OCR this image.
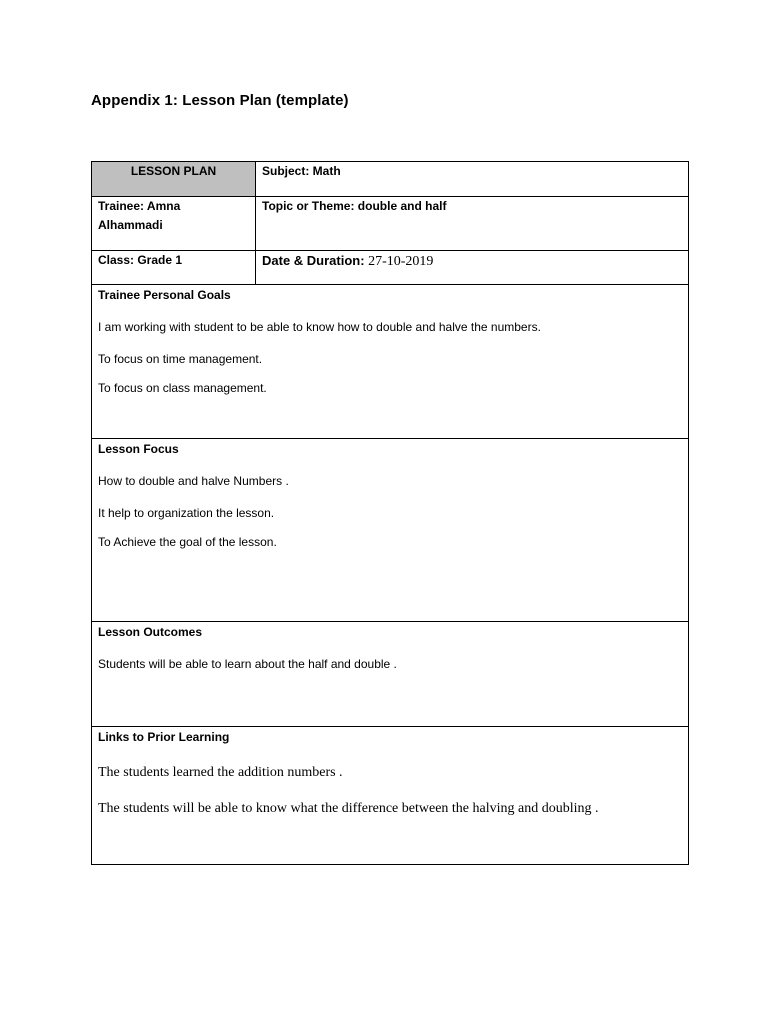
Appendix 1: Lesson Plan (template)
LESSON PLAN	Subject: Math

Trainee: Amna
Alhammadi	Topic or Theme: double and half
Class: Grade 1	Date & Duration: 27-10-2019

Trainee Personal Goals

I am working with student to be able to know how to double and halve the numbers.

To focus on time management.

To focus on class management.	

Lesson Focus

How to double and halve Numbers .

It help to organization the lesson.

To Achieve the goal of the lesson.	

Lesson Outcomes

Students will be able to learn about the half and double .	

Links to Prior Learning

The students learned the addition numbers .

The students will be able to know what the difference between the halving and doubling .	
